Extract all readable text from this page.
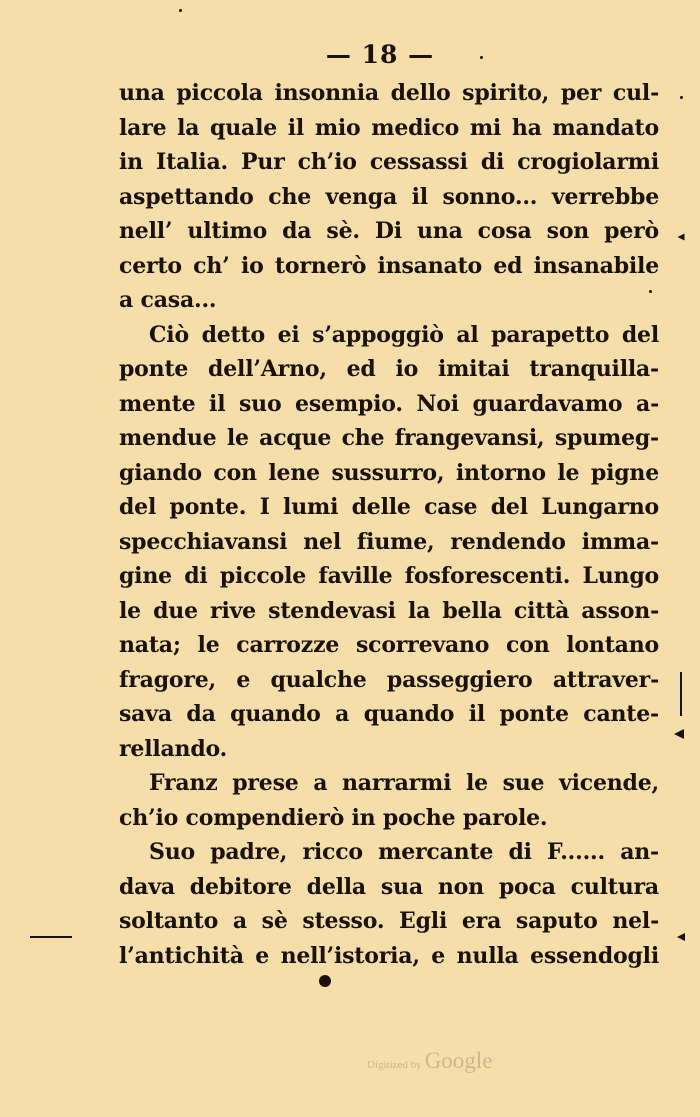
— 18 —
una piccola insonnia dello spirito, per cul-
lare la quale il mio medico mi ha mandato
in Italia. Pur ch’io cessassi di crogiolarmi
aspettando che venga il sonno... verrebbe
nell’ ultimo da sè. Di una cosa son però
certo ch’ io tornerò insanato ed insanabile
a casa...
Ciò detto ei s’appoggiò al parapetto del
ponte dell’Arno, ed io imitai tranquilla-
mente il suo esempio. Noi guardavamo a-
mendue le acque che frangevansi, spumeg-
giando con lene sussurro, intorno le pigne
del ponte. I lumi delle case del Lungarno
specchiavansi nel fiume, rendendo imma-
gine di piccole faville fosforescenti. Lungo
le due rive stendevasi la bella città asson-
nata; le carrozze scorrevano con lontano
fragore, e qualche passeggiero attraver-
sava da quando a quando il ponte cante-
rellando.
Franz prese a narrarmi le sue vicende,
ch’io compendierò in poche parole.
Suo padre, ricco mercante di F...... an-
dava debitore della sua non poca cultura
soltanto a sè stesso. Egli era saputo nel-
l’antichità e nell’istoria, e nulla essendogli
Digitized by Google
